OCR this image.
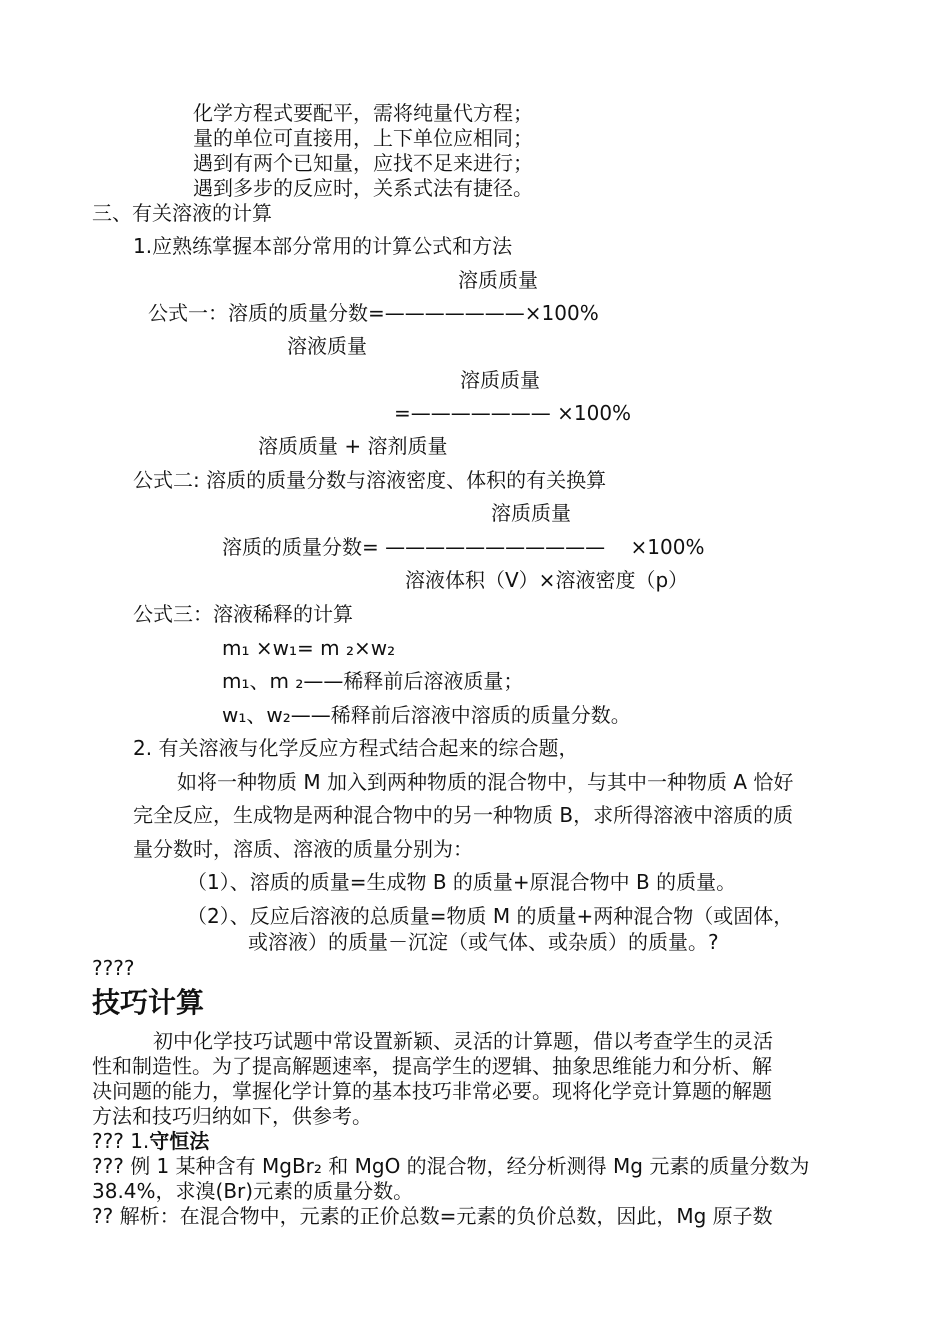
化学方程式要配平，需将纯量代方程；
量的单位可直接用，上下单位应相同；
遇到有两个已知量，应找不足来进行；
遇到多步的反应时，关系式法有捷径。
三、有关溶液的计算
1.应熟练掌握本部分常用的计算公式和方法
溶质质量
公式一：溶质的质量分数=———————×100%
溶液质量
溶质质量
=——————— ×100%
溶质质量 + 溶剂质量
公式二: 溶质的质量分数与溶液密度、体积的有关换算
溶质质量
溶质的质量分数= ———————————    ×100%
溶液体积（V）×溶液密度（p）
公式三：溶液稀释的计算
m₁ ×w₁= m ₂×w₂
m₁、m ₂——稀释前后溶液质量；
w₁、w₂——稀释前后溶液中溶质的质量分数。
2. 有关溶液与化学反应方程式结合起来的综合题，
如将一种物质 M 加入到两种物质的混合物中，与其中一种物质 A 恰好
完全反应，生成物是两种混合物中的另一种物质 B，求所得溶液中溶质的质
量分数时，溶质、溶液的质量分别为：
（1）、溶质的质量=生成物 B 的质量+原混合物中 B 的质量。
（2）、反应后溶液的总质量=物质 M 的质量+两种混合物（或固体，
或溶液）的质量－沉淀（或气体、或杂质）的质量。?
????
技巧计算
初中化学技巧试题中常设置新颖、灵活的计算题，借以考查学生的灵活
性和制造性。为了提高解题速率，提高学生的逻辑、抽象思维能力和分析、解
决问题的能力，掌握化学计算的基本技巧非常必要。现将化学竞计算题的解题
方法和技巧归纳如下，供参考。
??? 1.守恒法
??? 例 1 某种含有 MgBr₂ 和 MgO 的混合物，经分析测得 Mg 元素的质量分数为
38.4%，求溴(Br)元素的质量分数。
?? 解析：在混合物中，元素的正价总数=元素的负价总数，因此，Mg 原子数
